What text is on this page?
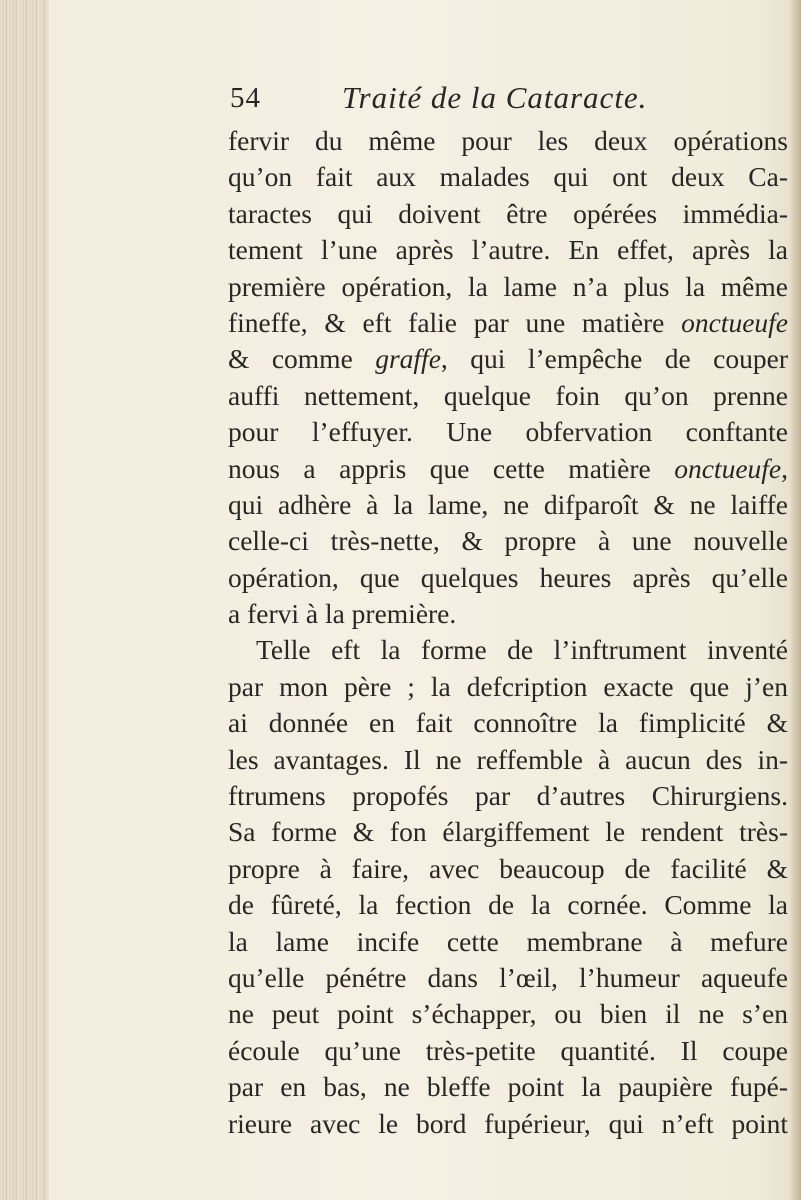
54	Traité de la Cataracte.
fervir du même pour les deux opérations
qu’on fait aux malades qui ont deux Ca-
taractes qui doivent être opérées immédia-
tement l’une après l’autre. En effet, après la
première opération, la lame n’a plus la même
fineffe, & eft falie par une matière onctueufe
& comme graffe, qui l’empêche de couper
auffi nettement, quelque foin qu’on prenne
pour l’effuyer. Une obfervation conftante
nous a appris que cette matière onctueufe,
qui adhère à la lame, ne difparoît & ne laiffe
celle-ci très-nette, & propre à une nouvelle
opération, que quelques heures après qu’elle
a fervi à la première.
Telle eft la forme de l’inftrument inventé
par mon père ; la defcription exacte que j’en
ai donnée en fait connoître la fimplicité &
les avantages. Il ne reffemble à aucun des in-
ftrumens propofés par d’autres Chirurgiens.
Sa forme & fon élargiffement le rendent très-
propre à faire, avec beaucoup de facilité &
de fûreté, la fection de la cornée. Comme la
la lame incife cette membrane à mefure
qu’elle pénétre dans l’œil, l’humeur aqueufe
ne peut point s’échapper, ou bien il ne s’en
écoule qu’une très-petite quantité. Il coupe
par en bas, ne bleffe point la paupière fupé-
rieure avec le bord fupérieur, qui n’eft point
